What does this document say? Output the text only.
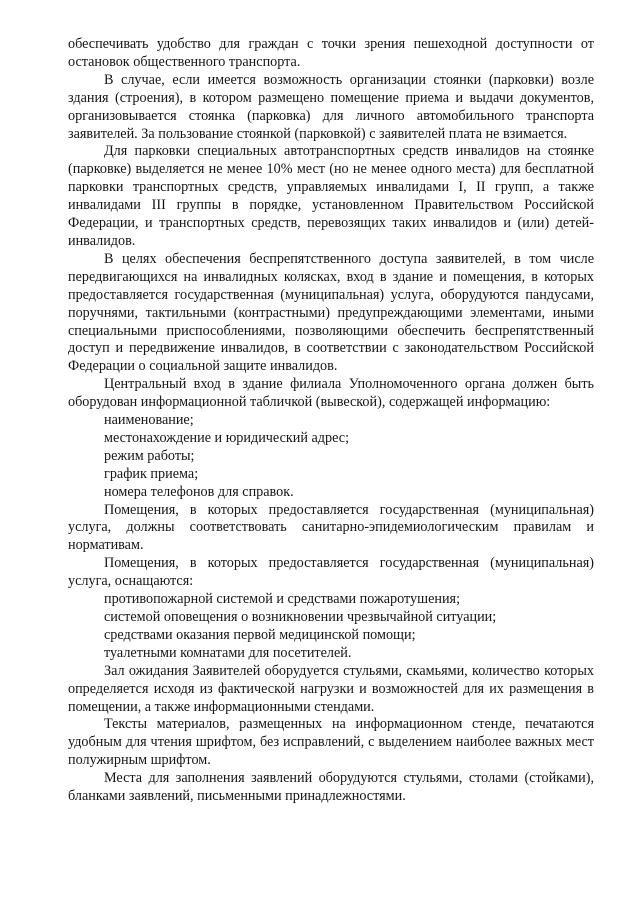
обеспечивать удобство для граждан с точки зрения пешеходной доступности от остановок общественного транспорта.

В случае, если имеется возможность организации стоянки (парковки) возле здания (строения), в котором размещено помещение приема и выдачи документов, организовывается стоянка (парковка) для личного автомобильного транспорта заявителей. За пользование стоянкой (парковкой) с заявителей плата не взимается.

Для парковки специальных автотранспортных средств инвалидов на стоянке (парковке) выделяется не менее 10% мест (но не менее одного места) для бесплатной парковки транспортных средств, управляемых инвалидами I, II групп, а также инвалидами III группы в порядке, установленном Правительством Российской Федерации, и транспортных средств, перевозящих таких инвалидов и (или) детей-инвалидов.

В целях обеспечения беспрепятственного доступа заявителей, в том числе передвигающихся на инвалидных колясках, вход в здание и помещения, в которых предоставляется государственная (муниципальная) услуга, оборудуются пандусами, поручнями, тактильными (контрастными) предупреждающими элементами, иными специальными приспособлениями, позволяющими обеспечить беспрепятственный доступ и передвижение инвалидов, в соответствии с законодательством Российской Федерации о социальной защите инвалидов.

Центральный вход в здание филиала Уполномоченного органа должен быть оборудован информационной табличкой (вывеской), содержащей информацию:

наименование;

местонахождение и юридический адрес;

режим работы;

график приема;

номера телефонов для справок.

Помещения, в которых предоставляется государственная (муниципальная) услуга, должны соответствовать санитарно-эпидемиологическим правилам и нормативам.

Помещения, в которых предоставляется государственная (муниципальная) услуга, оснащаются:

противопожарной системой и средствами пожаротушения;

системой оповещения о возникновении чрезвычайной ситуации;

средствами оказания первой медицинской помощи;

туалетными комнатами для посетителей.

Зал ожидания Заявителей оборудуется стульями, скамьями, количество которых определяется исходя из фактической нагрузки и возможностей для их размещения в помещении, а также информационными стендами.

Тексты материалов, размещенных на информационном стенде, печатаются удобным для чтения шрифтом, без исправлений, с выделением наиболее важных мест полужирным шрифтом.

Места для заполнения заявлений оборудуются стульями, столами (стойками), бланками заявлений, письменными принадлежностями.
